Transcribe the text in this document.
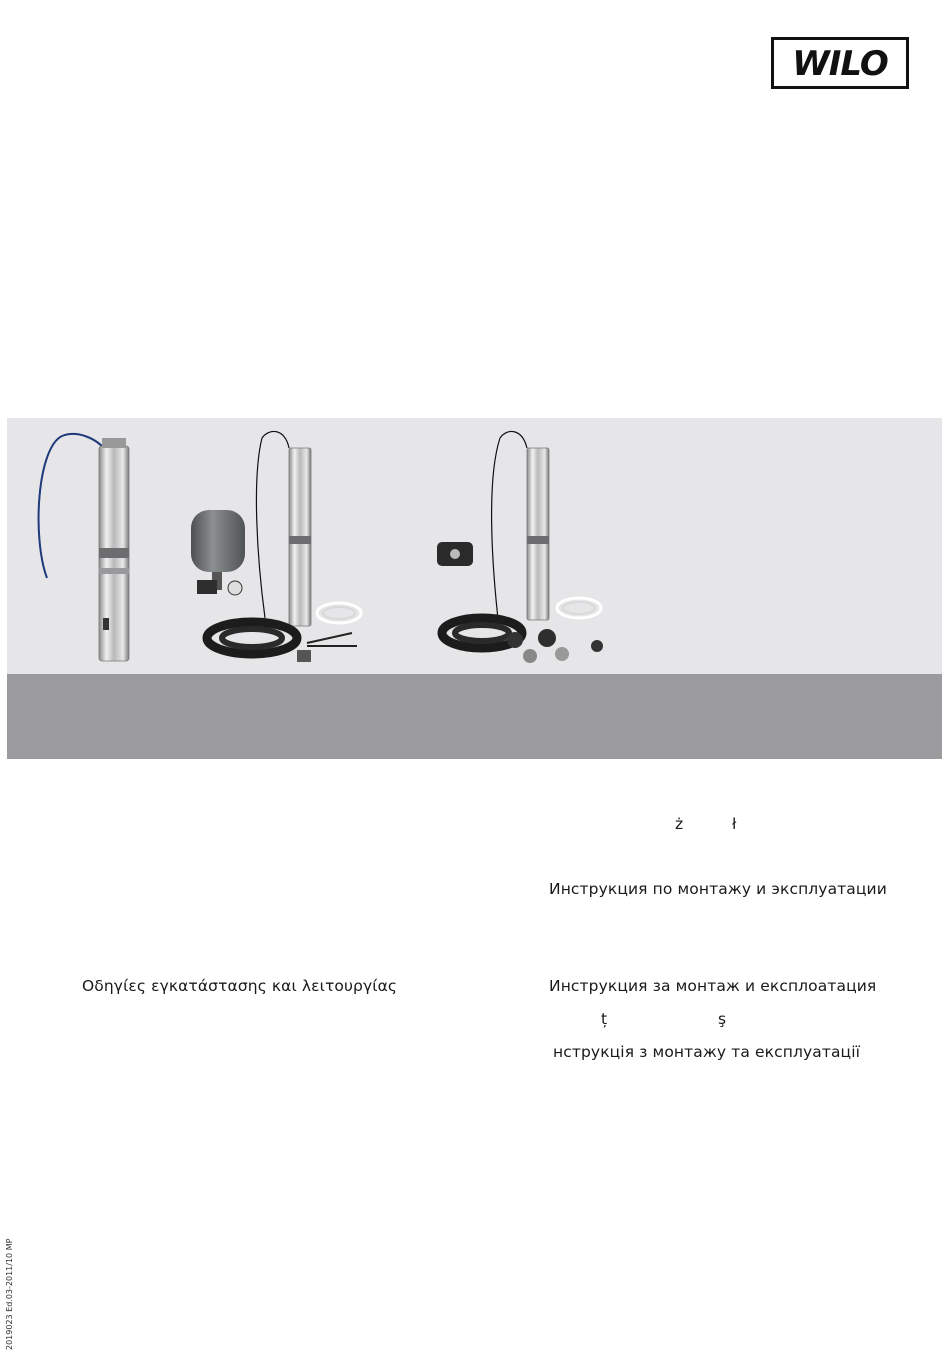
WILO
ż	ł
Инструкция по монтажу и эксплуатации
Οδηγίες εγκατάστασης και λειτουργίας	Инструкция за монтаж и експлоатация
ț	ş
нструкція з монтажу та експлуатації
2019023 Ed.03-2011/10 MP
